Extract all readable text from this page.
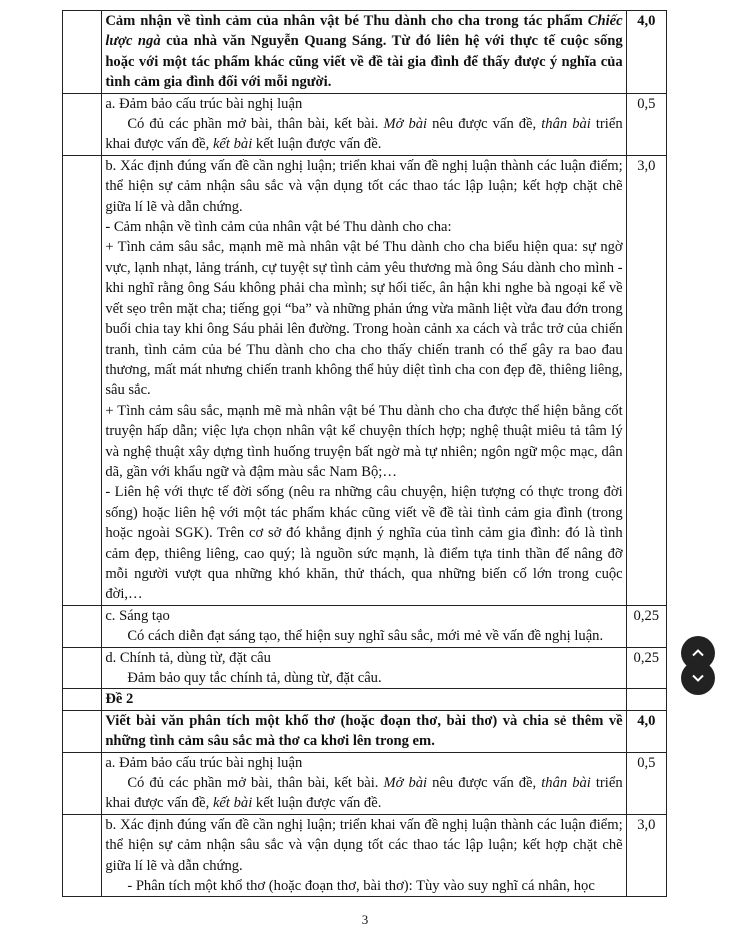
	Cảm nhận về tình cảm của nhân vật bé Thu dành cho cha trong tác phẩm Chiếc lược ngà của nhà văn Nguyễn Quang Sáng. Từ đó liên hệ với thực tế cuộc sống hoặc với một tác phẩm khác cũng viết về đề tài gia đình để thấy được ý nghĩa của tình cảm gia đình đối với mỗi người.	4,0

	a. Đảm bảo cấu trúc bài nghị luận
Có đủ các phần mở bài, thân bài, kết bài. Mở bài nêu được vấn đề, thân bài triển khai được vấn đề, kết bài kết luận được vấn đề.	0,5

	b. Xác định đúng vấn đề cần nghị luận; triển khai vấn đề nghị luận thành các luận điểm; thể hiện sự cảm nhận sâu sắc và vận dụng tốt các thao tác lập luận; kết hợp chặt chẽ giữa lí lẽ và dẫn chứng.
- Cảm nhận về tình cảm của nhân vật bé Thu dành cho cha:
+ Tình cảm sâu sắc, mạnh mẽ mà nhân vật bé Thu dành cho cha biểu hiện qua: sự ngờ vực, lạnh nhạt, lảng tránh, cự tuyệt sự tình cảm yêu thương mà ông Sáu dành cho mình - khi nghĩ rằng ông Sáu không phải cha mình; sự hối tiếc, ân hận khi nghe bà ngoại kể về vết sẹo trên mặt cha; tiếng gọi “ba” và những phản ứng vừa mãnh liệt vừa đau đớn trong buổi chia tay khi ông Sáu phải lên đường. Trong hoàn cảnh xa cách và trắc trở của chiến tranh, tình cảm của bé Thu dành cho cha cho thấy chiến tranh có thể gây ra bao đau thương, mất mát nhưng chiến tranh không thể hủy diệt tình cha con đẹp đẽ, thiêng liêng, sâu sắc.
+ Tình cảm sâu sắc, mạnh mẽ mà nhân vật bé Thu dành cho cha được thể hiện bằng cốt truyện hấp dẫn; việc lựa chọn nhân vật kể chuyện thích hợp; nghệ thuật miêu tả tâm lý và nghệ thuật xây dựng tình huống truyện bất ngờ mà tự nhiên; ngôn ngữ mộc mạc, dân dã, gần với khẩu ngữ và đậm màu sắc Nam Bộ;…
- Liên hệ với thực tế đời sống (nêu ra những câu chuyện, hiện tượng có thực trong đời sống) hoặc liên hệ với một tác phẩm khác cũng viết về đề tài tình cảm gia đình (trong hoặc ngoài SGK). Trên cơ sở đó khẳng định ý nghĩa của tình cảm gia đình: đó là tình cảm đẹp, thiêng liêng, cao quý; là nguồn sức mạnh, là điểm tựa tinh thần để nâng đỡ mỗi người vượt qua những khó khăn, thử thách, qua những biến cố lớn trong cuộc đời,…	3,0

	c. Sáng tạo
Có cách diễn đạt sáng tạo, thể hiện suy nghĩ sâu sắc, mới mẻ về vấn đề nghị luận.	0,25

	d. Chính tả, dùng từ, đặt câu
Đảm bảo quy tắc chính tả, dùng từ, đặt câu.	0,25
	Đề 2	
	Viết bài văn phân tích một khổ thơ (hoặc đoạn thơ, bài thơ) và chia sẻ thêm về những tình cảm sâu sắc mà thơ ca khơi lên trong em.	4,0

	a. Đảm bảo cấu trúc bài nghị luận
Có đủ các phần mở bài, thân bài, kết bài. Mở bài nêu được vấn đề, thân bài triển khai được vấn đề, kết bài kết luận được vấn đề.	0,5

	b. Xác định đúng vấn đề cần nghị luận; triển khai vấn đề nghị luận thành các luận điểm; thể hiện sự cảm nhận sâu sắc và vận dụng tốt các thao tác lập luận; kết hợp chặt chẽ giữa lí lẽ và dẫn chứng.
- Phân tích một khổ thơ (hoặc đoạn thơ, bài thơ): Tùy vào suy nghĩ cá nhân, học	3,0
3
